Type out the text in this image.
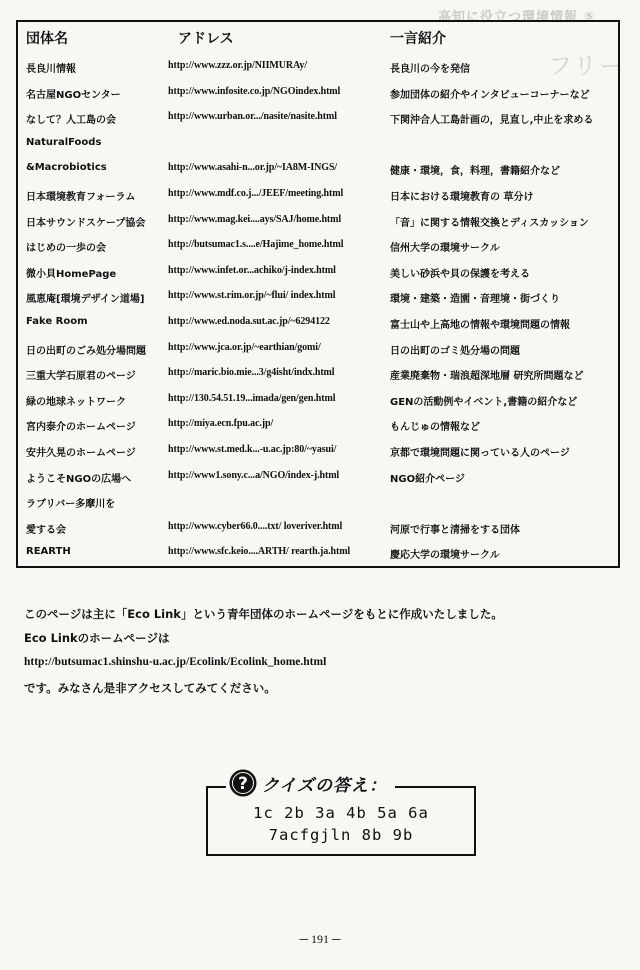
高知に役立つ環境情報 ⑤
フリー
団体名	アドレス	一言紹介
長良川情報	http://www.zzz.or.jp/NIIMURAy/	長良川の今を発信
名古屋NGOセンター	http://www.infosite.co.jp/NGOindex.html	参加団体の紹介やインタビューコーナーなど
なして？人工島の会	http://www.urban.or.../nasite/nasite.html	下関沖合人工島計画の，見直し,中止を求める
NaturalFoods
&Macrobiotics	http://www.asahi-n...or.jp/~IA8M-INGS/	健康・環境，食，料理，書籍紹介など
日本環境教育フォーラム	http://www.mdf.co.j.../JEEF/meeting.html	日本における環境教育の 草分け
日本サウンドスケープ協会 http://www.mag.kei....ays/SAJ/home.html	「音」に関する情報交換とディスカッション
はじめの一歩の会	http://butsumac1.s....e/Hajime_home.html	信州大学の環境サークル
微小貝HomePage	http://www.infet.or...achiko/j-index.html	美しい砂浜や貝の保護を考える
風恵庵[環境デザイン道場] http://www.st.rim.or.jp/~flui/ index.html	環境・建築・造園・音理境・街づくり
Fake Room	http://www.ed.noda.sut.ac.jp/~6294122	富士山や上高地の情報や環境問題の情報
日の出町のごみ処分場問題 http://www.jca.or.jp/~earthian/gomi/	日の出町のゴミ処分場の問題
三重大学石原君のページ	http://maric.bio.mie...3/g4isht/indx.html	産業廃棄物・瑞浪超深地層 研究所問題など
緑の地球ネットワーク	http://130.54.51.19...imada/gen/gen.html	GENの活動例やイベント,書籍の紹介など
宮内泰介のホームページ	http://miya.ecn.fpu.ac.jp/	もんじゅの情報など
安井久晃のホームページ	http://www.st.med.k...-u.ac.jp:80/~yasui/	京都で環境問題に関っている人のページ
ようこそNGOの広場へ	http://www1.sony.c...a/NGO/index-j.html	NGO紹介ページ
ラブリバー多摩川を
愛する会	http://www.cyber66.0....txt/ loveriver.html	河原で行事と清掃をする団体
REARTH	http://www.sfc.keio....ARTH/ rearth.ja.html	慶応大学の環境サークル
このページは主に「Eco Link」という青年団体のホームページをもとに作成いたしました。
Eco Linkのホームページは
http://butsumac1.shinshu-u.ac.jp/Ecolink/Ecolink_home.html
です。みなさん是非アクセスしてみてください。
1c 2b 3a 4b 5a 6a
7acfgjln 8b 9b
? クイズの答え：
─ 191 ─
